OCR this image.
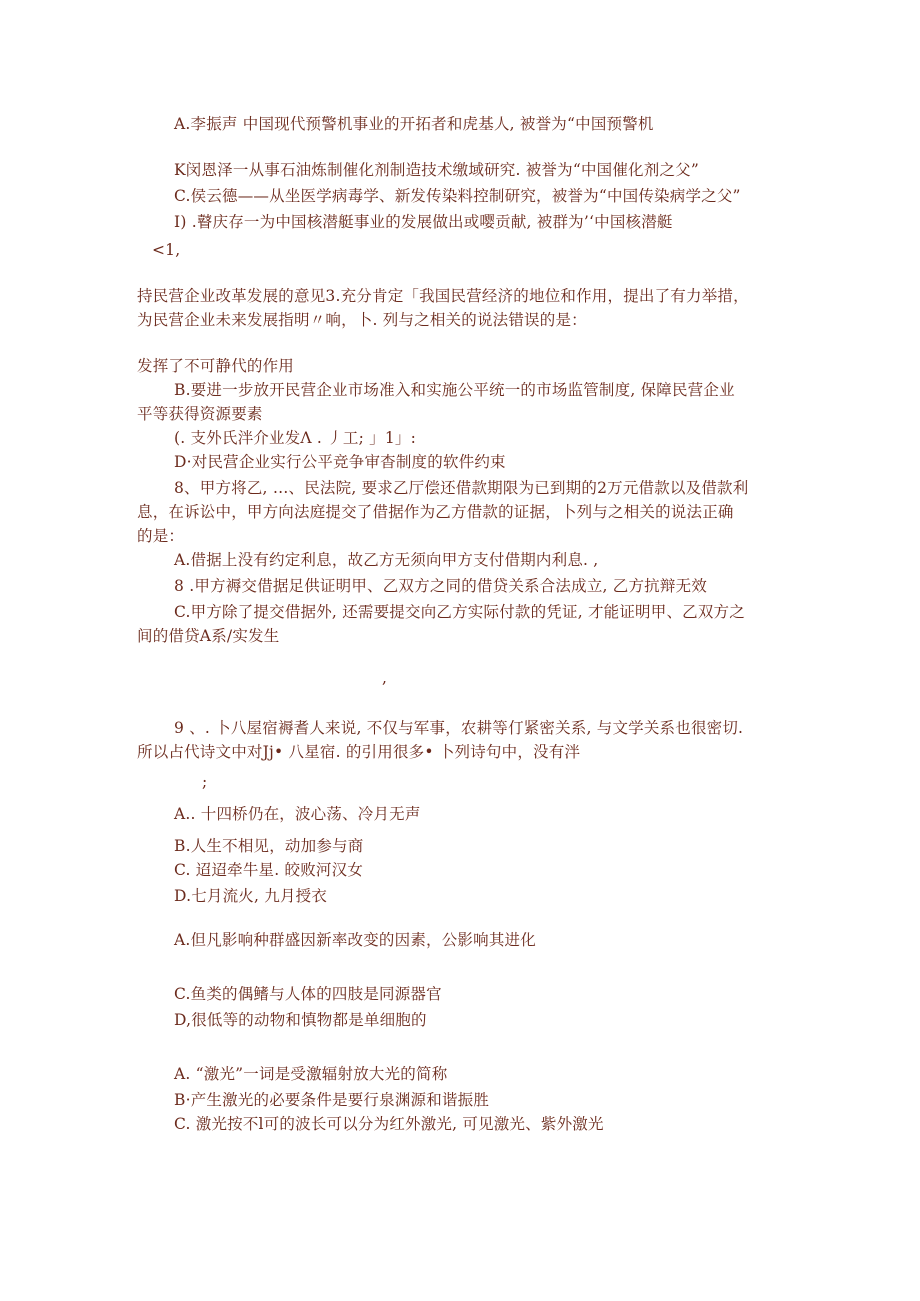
A.李振声 中国现代预警机事业的开拓者和虎基人, 被誉为“中国预警机
K闵恩泽一从事石油炼制催化剂制造技术缴域研究. 被誉为“中国催化剂之父”
C.侯云德——从坐医学病毒学、新发传染料控制研究，被誉为“中国传染病学之父”
I) .瞽庆存一为中国核潜艇事业的发展做出或嘤贡献, 被群为’‘中国核潜艇
<1,
持民营企业改革发展的意见3.充分肯定「我国民营经济的地位和作用，提出了有力举措，
为民营企业未来发展指明〃响，卜. 列与之相关的说法错误的是：
发挥了不可静代的作用
B.要进一步放开民营企业市场准入和实施公平统一的市场监管制度, 保障民营企业
平等获得资源要素
(. 支外氏泮介业发Λ . 丿工; 」1」:
D·对民营企业实行公平竞争审杳制度的软件约束
8、甲方将乙, …、民法院, 要求乙厅偿还借款期限为已到期的2万元借款以及借款利
息，在诉讼中，甲方向法庭提交了借据作为乙方借款的证据，卜列与之相关的说法正确
的是：
A.借据上没有约定利息，故乙方无须向甲方支付借期内利息. ,
8 .甲方褥交借据足供证明甲、乙双方之同的借贷关系合法成立, 乙方抗辩无效
C.甲方除了提交借据外, 还需要提交向乙方实际付款的凭证, 才能证明甲、乙双方之
间的借贷A系/实发生
,
9 、. 卜八屋宿褥耆人来说, 不仅与军事，农耕等仃紧密关系, 与文学关系也很密切.
所以占代诗文中对Jj• 八星宿. 的引用很多• 卜列诗句中，没有泮
;
A.. 十四桥仍在，波心荡、冷月无声
B.人生不相见，动加参与商
C. 迢迢牵牛星. 皎败河汉女
D.七月流火, 九月授衣
A.但凡影响种群盛因新率改变的因素，公影响其进化
C.鱼类的偶鳍与人体的四肢是同源器官
D,很低等的动物和慎物都是单细胞的
A. “激光”一词是受激辐射放大光的简称
B·产生激光的必要条件是要行泉渊源和谐振胜
C. 激光按不l可的波长可以分为红外激光, 可见激光、紫外激光
